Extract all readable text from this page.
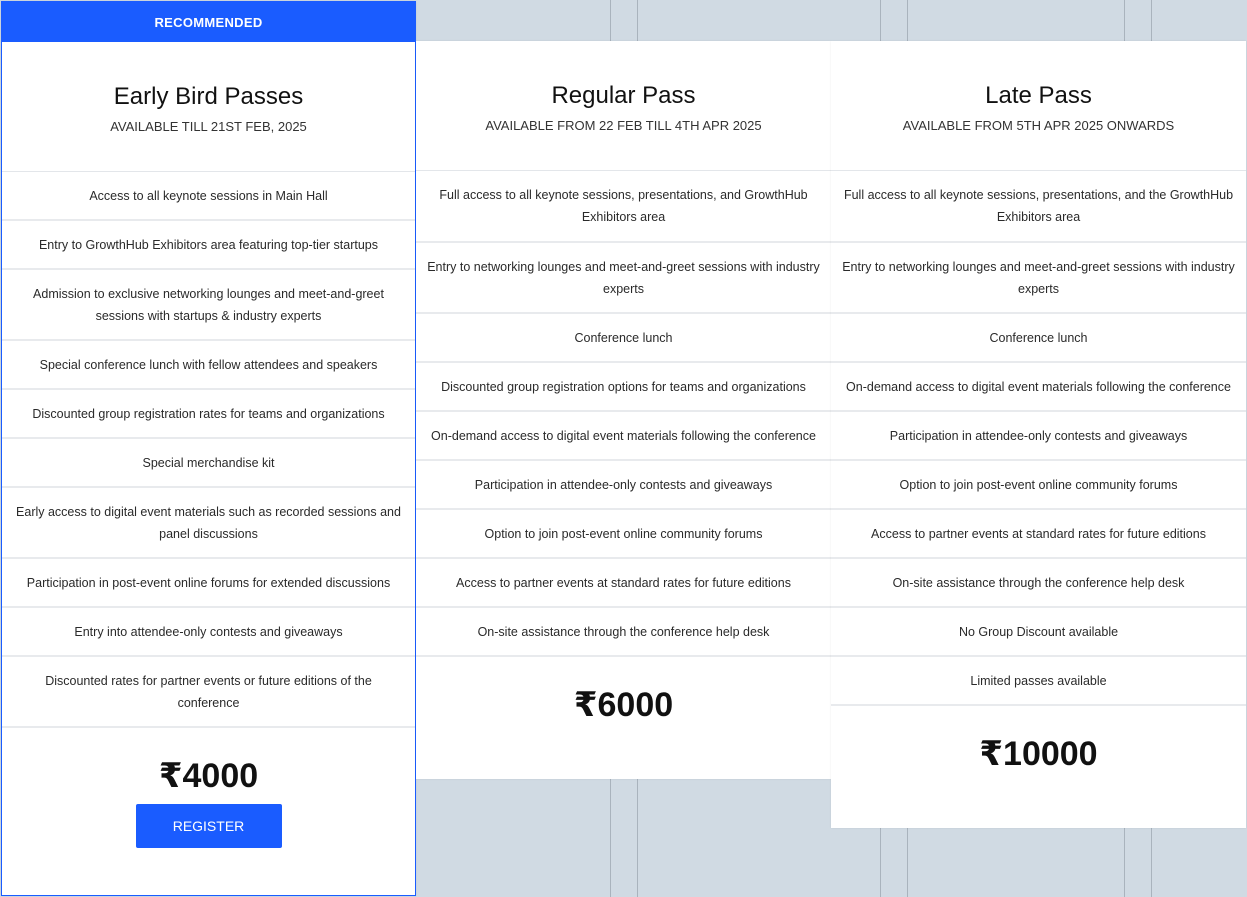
RECOMMENDED
Early Bird Passes
AVAILABLE TILL 21ST FEB, 2025
Access to all keynote sessions in Main Hall
Entry to GrowthHub Exhibitors area featuring top-tier startups
Admission to exclusive networking lounges and meet-and-greet sessions with startups & industry experts
Special conference lunch with fellow attendees and speakers
Discounted group registration rates for teams and organizations
Special merchandise kit
Early access to digital event materials such as recorded sessions and panel discussions
Participation in post-event online forums for extended discussions
Entry into attendee-only contests and giveaways
Discounted rates for partner events or future editions of the conference
₹4000
REGISTER
Regular Pass
AVAILABLE FROM 22 FEB TILL 4TH APR 2025
Full access to all keynote sessions, presentations, and GrowthHub Exhibitors area
Entry to networking lounges and meet-and-greet sessions with industry experts
Conference lunch
Discounted group registration options for teams and organizations
On-demand access to digital event materials following the conference
Participation in attendee-only contests and giveaways
Option to join post-event online community forums
Access to partner events at standard rates for future editions
On-site assistance through the conference help desk
₹6000
Late Pass
AVAILABLE FROM 5TH APR 2025 ONWARDS
Full access to all keynote sessions, presentations, and the GrowthHub Exhibitors area
Entry to networking lounges and meet-and-greet sessions with industry experts
Conference lunch
On-demand access to digital event materials following the conference
Participation in attendee-only contests and giveaways
Option to join post-event online community forums
Access to partner events at standard rates for future editions
On-site assistance through the conference help desk
No Group Discount available
Limited passes available
₹10000
